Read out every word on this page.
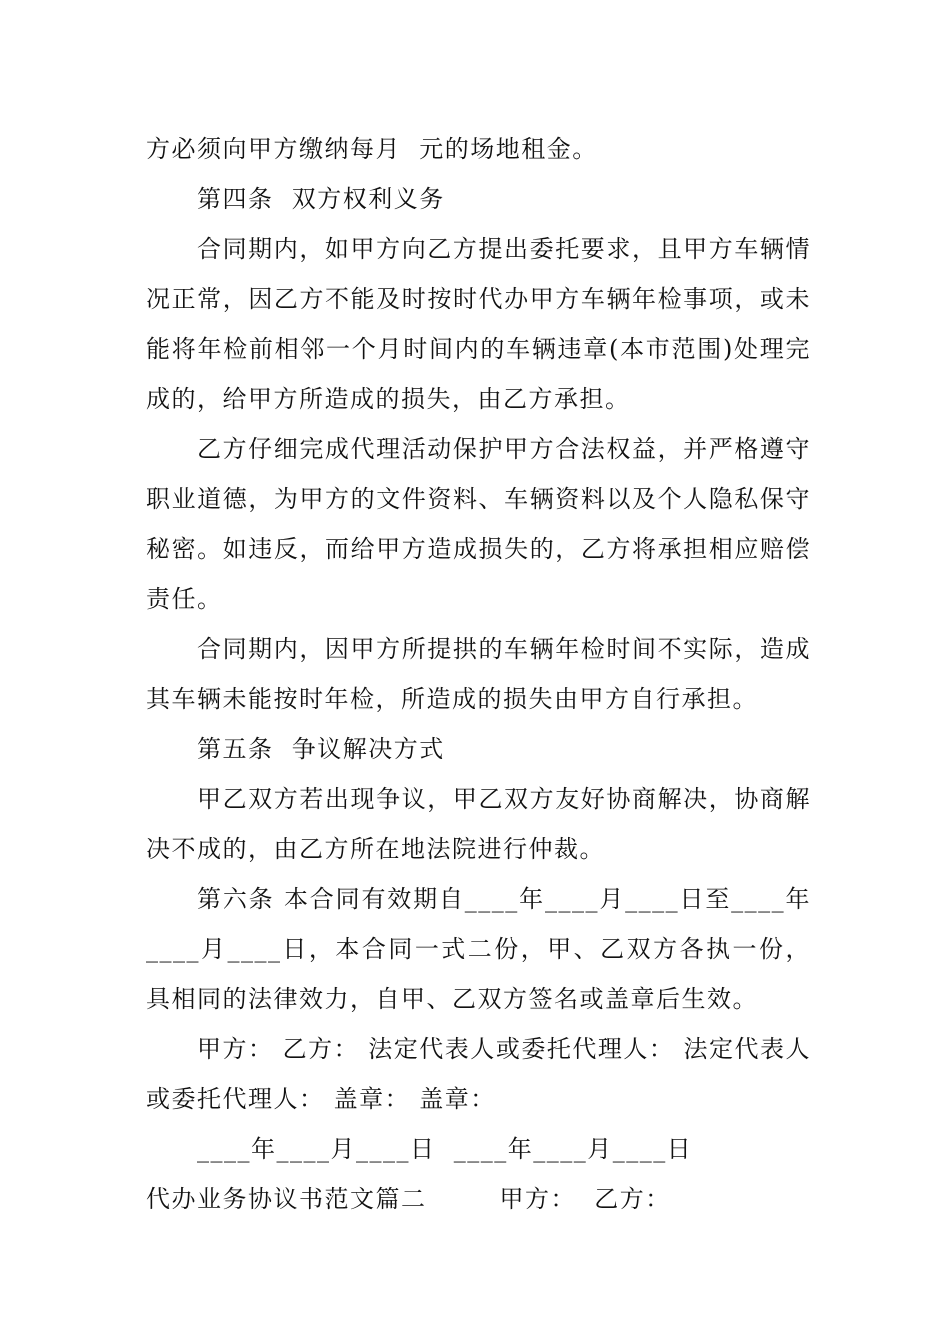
方必须向甲方缴纳每月  元的场地租金。

第四条  双方权利义务

合同期内，如甲方向乙方提出委托要求，且甲方车辆情况正常，因乙方不能及时按时代办甲方车辆年检事项，或未能将年检前相邻一个月时间内的车辆违章(本市范围)处理完成的，给甲方所造成的损失，由乙方承担。

乙方仔细完成代理活动保护甲方合法权益，并严格遵守职业道德，为甲方的文件资料、车辆资料以及个人隐私保守秘密。如违反，而给甲方造成损失的，乙方将承担相应赔偿责任。

合同期内，因甲方所提拱的车辆年检时间不实际，造成其车辆未能按时年检，所造成的损失由甲方自行承担。

第五条  争议解决方式

甲乙双方若出现争议，甲乙双方友好协商解决，协商解决不成的，由乙方所在地法院进行仲裁。

第六条 本合同有效期自____年____月____日至____年____月____日，本合同一式二份，甲、乙双方各执一份，具相同的法律效力，自甲、乙双方签名或盖章后生效。

甲方： 乙方： 法定代表人或委托代理人： 法定代表人或委托代理人： 盖章： 盖章：

____年____月____日  ____年____月____日

代办业务协议书范文篇二        甲方：  乙方：
